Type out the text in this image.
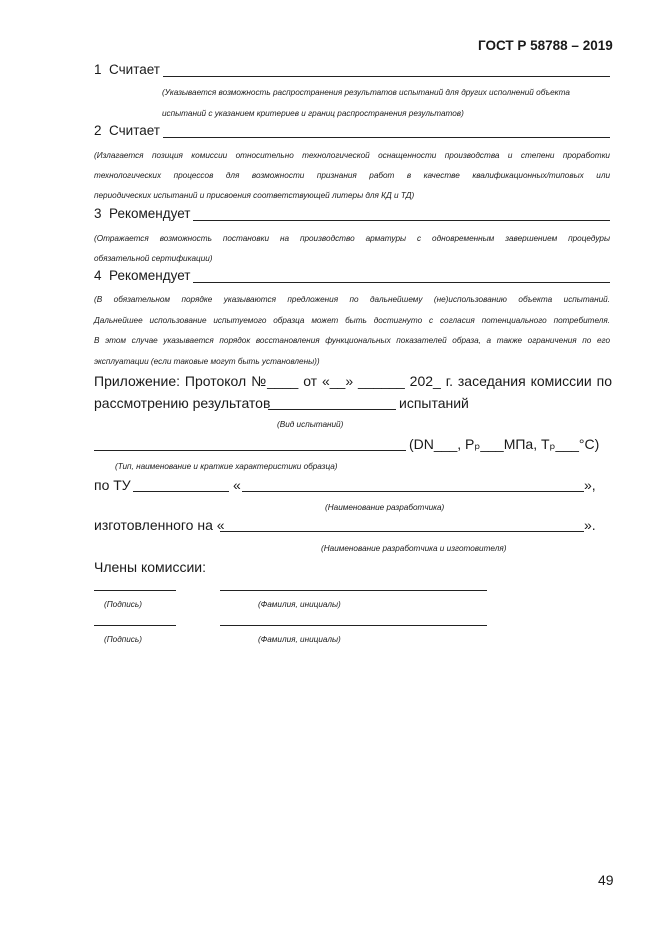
ГОСТ Р 58788 – 2019
1 Считает
(Указывается возможность распространения результатов испытаний для других исполнений объекта
испытаний с указанием критериев и границ распространения результатов)
2 Считает
(Излагается позиция комиссии относительно технологической оснащенности производства и степени проработки
технологических процессов для возможности признания работ в качестве квалификационных/типовых или
периодических испытаний и присвоения соответствующей литеры для КД и ТД)
3 Рекомендует
(Отражается возможность постановки на производство арматуры с одновременным завершением процедуры
обязательной сертификации)
4 Рекомендует
(В обязательном порядке указываются предложения по дальнейшему (не)использованию объекта испытаний.
Дальнейшее использование испытуемого образца может быть достигнуто с согласия потенциального потребителя.
В этом случае указывается порядок восстановления функциональных показателей образа, а также ограничения по его
эксплуатации (если таковые могут быть установлены))
Приложение: Протокол №____ от «__» ______ 202_ г. заседания комиссии по
рассмотрению результатов	испытаний
(Вид испытаний)
(DN___, Pₚ___МПа, Tₚ___°С)
(Тип, наименование и краткие характеристики образца)
по ТУ	«	»,
(Наименование разработчика)
изготовленного на «	».
(Наименование разработчика и изготовителя)
Члены комиссии:
(Подпись)	(Фамилия, инициалы)
(Подпись)	(Фамилия, инициалы)
49
